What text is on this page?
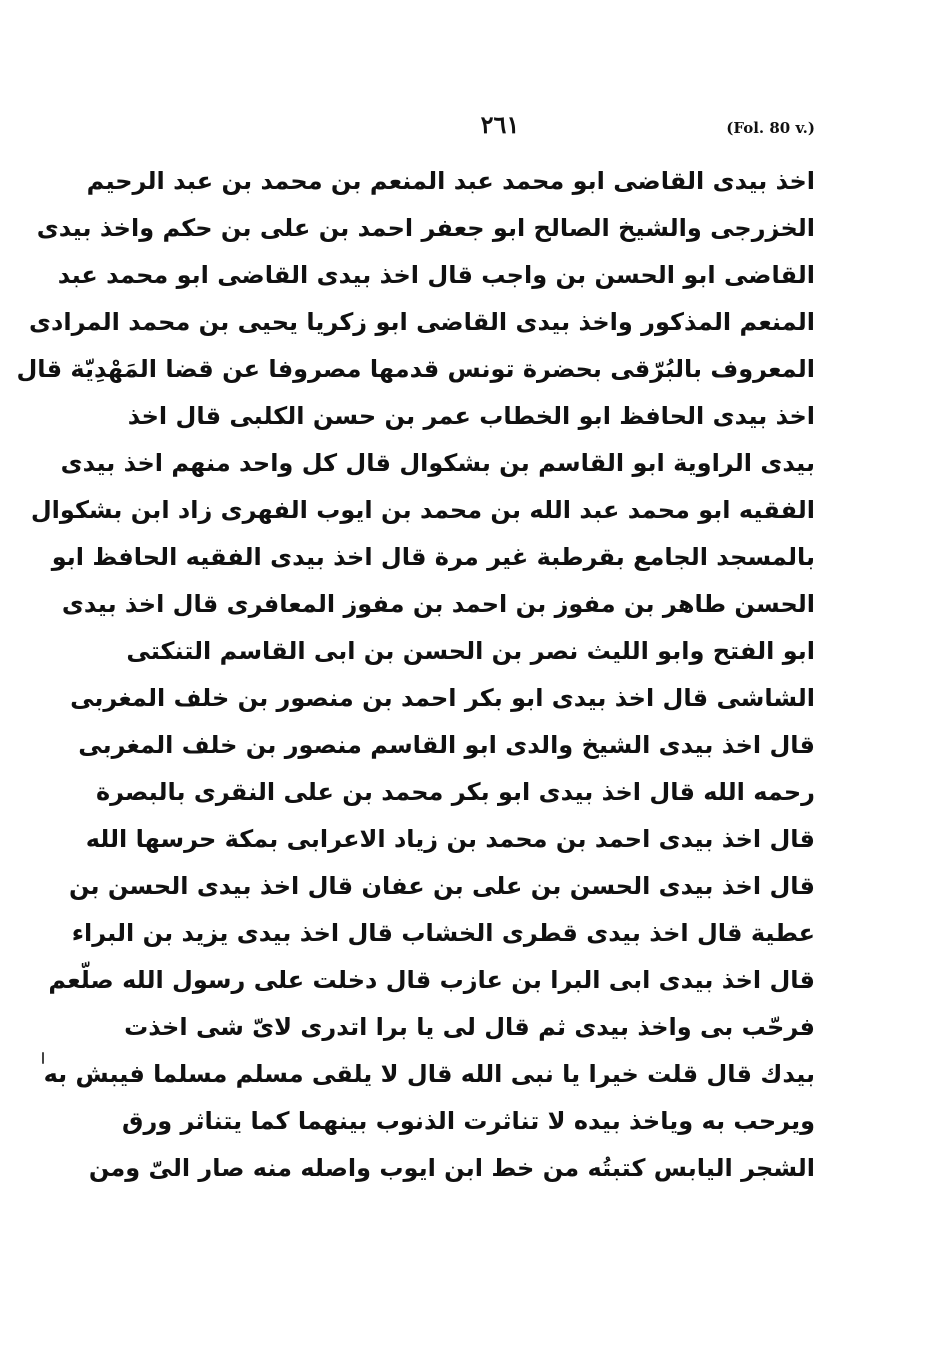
٢٦١	(Fol. 80 v.)
اخذ بيدى القاضى ابو محمد عبد المنعم بن محمد بن عبد الرحيم
الخزرجى والشيخ الصالح ابو جعفر احمد بن على بن حكم واخذ بيدى
القاضى ابو الحسن بن واجب قال اخذ بيدى القاضى ابو محمد عبد
المنعم المذكور واخذ بيدى القاضى ابو زكريا يحيى بن محمد المرادى
المعروف بالبُرّقى بحضرة تونس قدمها مصروفا عن قضا المَهْدِيّة قال
اخذ بيدى الحافظ ابو الخطاب عمر بن حسن الكلبى قال اخذ
بيدى الراوية ابو القاسم بن بشكوال قال كل واحد منهم اخذ بيدى
الفقيه ابو محمد عبد الله بن محمد بن ايوب الفهرى زاد ابن بشكوال
بالمسجد الجامع بقرطبة غير مرة قال اخذ بيدى الفقيه الحافظ ابو
الحسن طاهر بن مفوز بن احمد بن مفوز المعافرى قال اخذ بيدى
ابو الفتح وابو الليث نصر بن الحسن بن ابى القاسم التنكتى
الشاشى قال اخذ بيدى ابو بكر احمد بن منصور بن خلف المغربى
قال اخذ بيدى الشيخ والدى ابو القاسم منصور بن خلف المغربى
رحمه الله قال اخذ بيدى ابو بكر محمد بن على النقرى بالبصرة
قال اخذ بيدى احمد بن محمد بن زياد الاعرابى بمكة حرسها الله
قال اخذ بيدى الحسن بن على بن عفان قال اخذ بيدى الحسن بن
عطية قال اخذ بيدى قطرى الخشاب قال اخذ بيدى يزيد بن البراء
قال اخذ بيدى ابى البرا بن عازب قال دخلت على رسول الله صلّعم
فرحّب بى واخذ بيدى ثم قال لى يا برا اتدرى لاىّ شى اخذت
بيدك قال قلت خيرا يا نبى الله قال لا يلقى مسلم مسلما فيبش به
ويرحب به وياخذ بيده لا تناثرت الذنوب بينهما كما يتناثر ورق
الشجر اليابس كتبتُه من خط ابن ايوب واصله منه صار الىّ ومن
